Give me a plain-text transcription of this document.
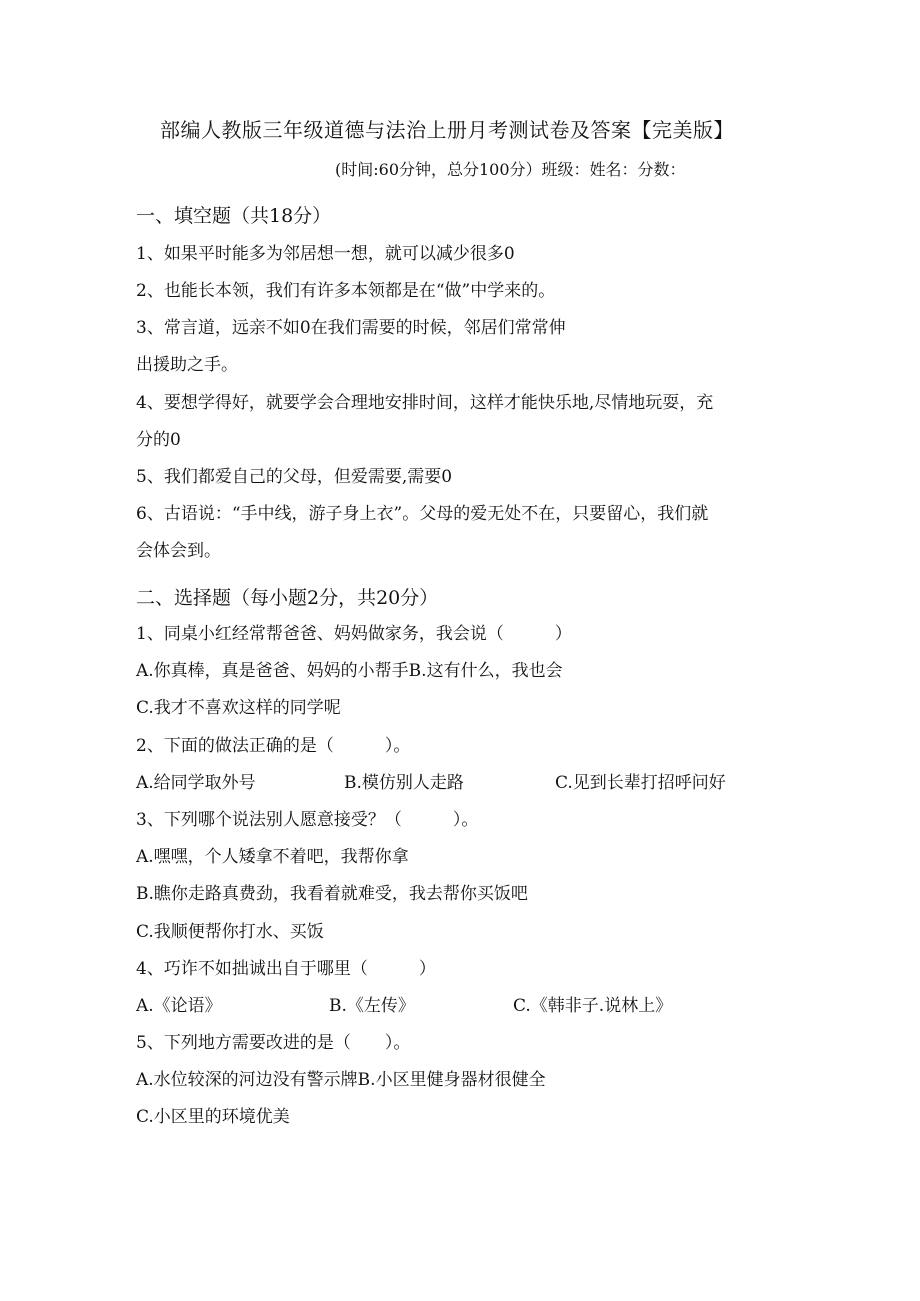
部编人教版三年级道德与法治上册月考测试卷及答案【完美版】
(时间:60分钟，总分100分）班级：姓名：分数：
一、填空题（共18分）
1、如果平时能多为邻居想一想，就可以减少很多0
2、也能长本领，我们有许多本领都是在“做”中学来的。
3、常言道，远亲不如0在我们需要的时候，邻居们常常伸
出援助之手。
4、要想学得好，就要学会合理地安排时间，这样才能快乐地,尽情地玩耍，充
分的0
5、我们都爱自己的父母，但爱需要,需要0
6、古语说：“手中线，游子身上衣”。父母的爱无处不在，只要留心，我们就
会体会到。
二、选择题（每小题2分，共20分）
1、同桌小红经常帮爸爸、妈妈做家务，我会说（　　　）
A.你真棒，真是爸爸、妈妈的小帮手B.这有什么，我也会
C.我才不喜欢这样的同学呢
2、下面的做法正确的是（　　　）。
A.给同学取外号	B.模仿别人走路	C.见到长辈打招呼问好
3、下列哪个说法别人愿意接受？（　　　）。
A.嘿嘿，个人矮拿不着吧，我帮你拿
B.瞧你走路真费劲，我看着就难受，我去帮你买饭吧
C.我顺便帮你打水、买饭
4、巧诈不如拙诚出自于哪里（　　　）
A.《论语》	B.《左传》	C.《韩非子.说林上》
5、下列地方需要改进的是（　　）。
A.水位较深的河边没有警示牌B.小区里健身器材很健全
C.小区里的环境优美
